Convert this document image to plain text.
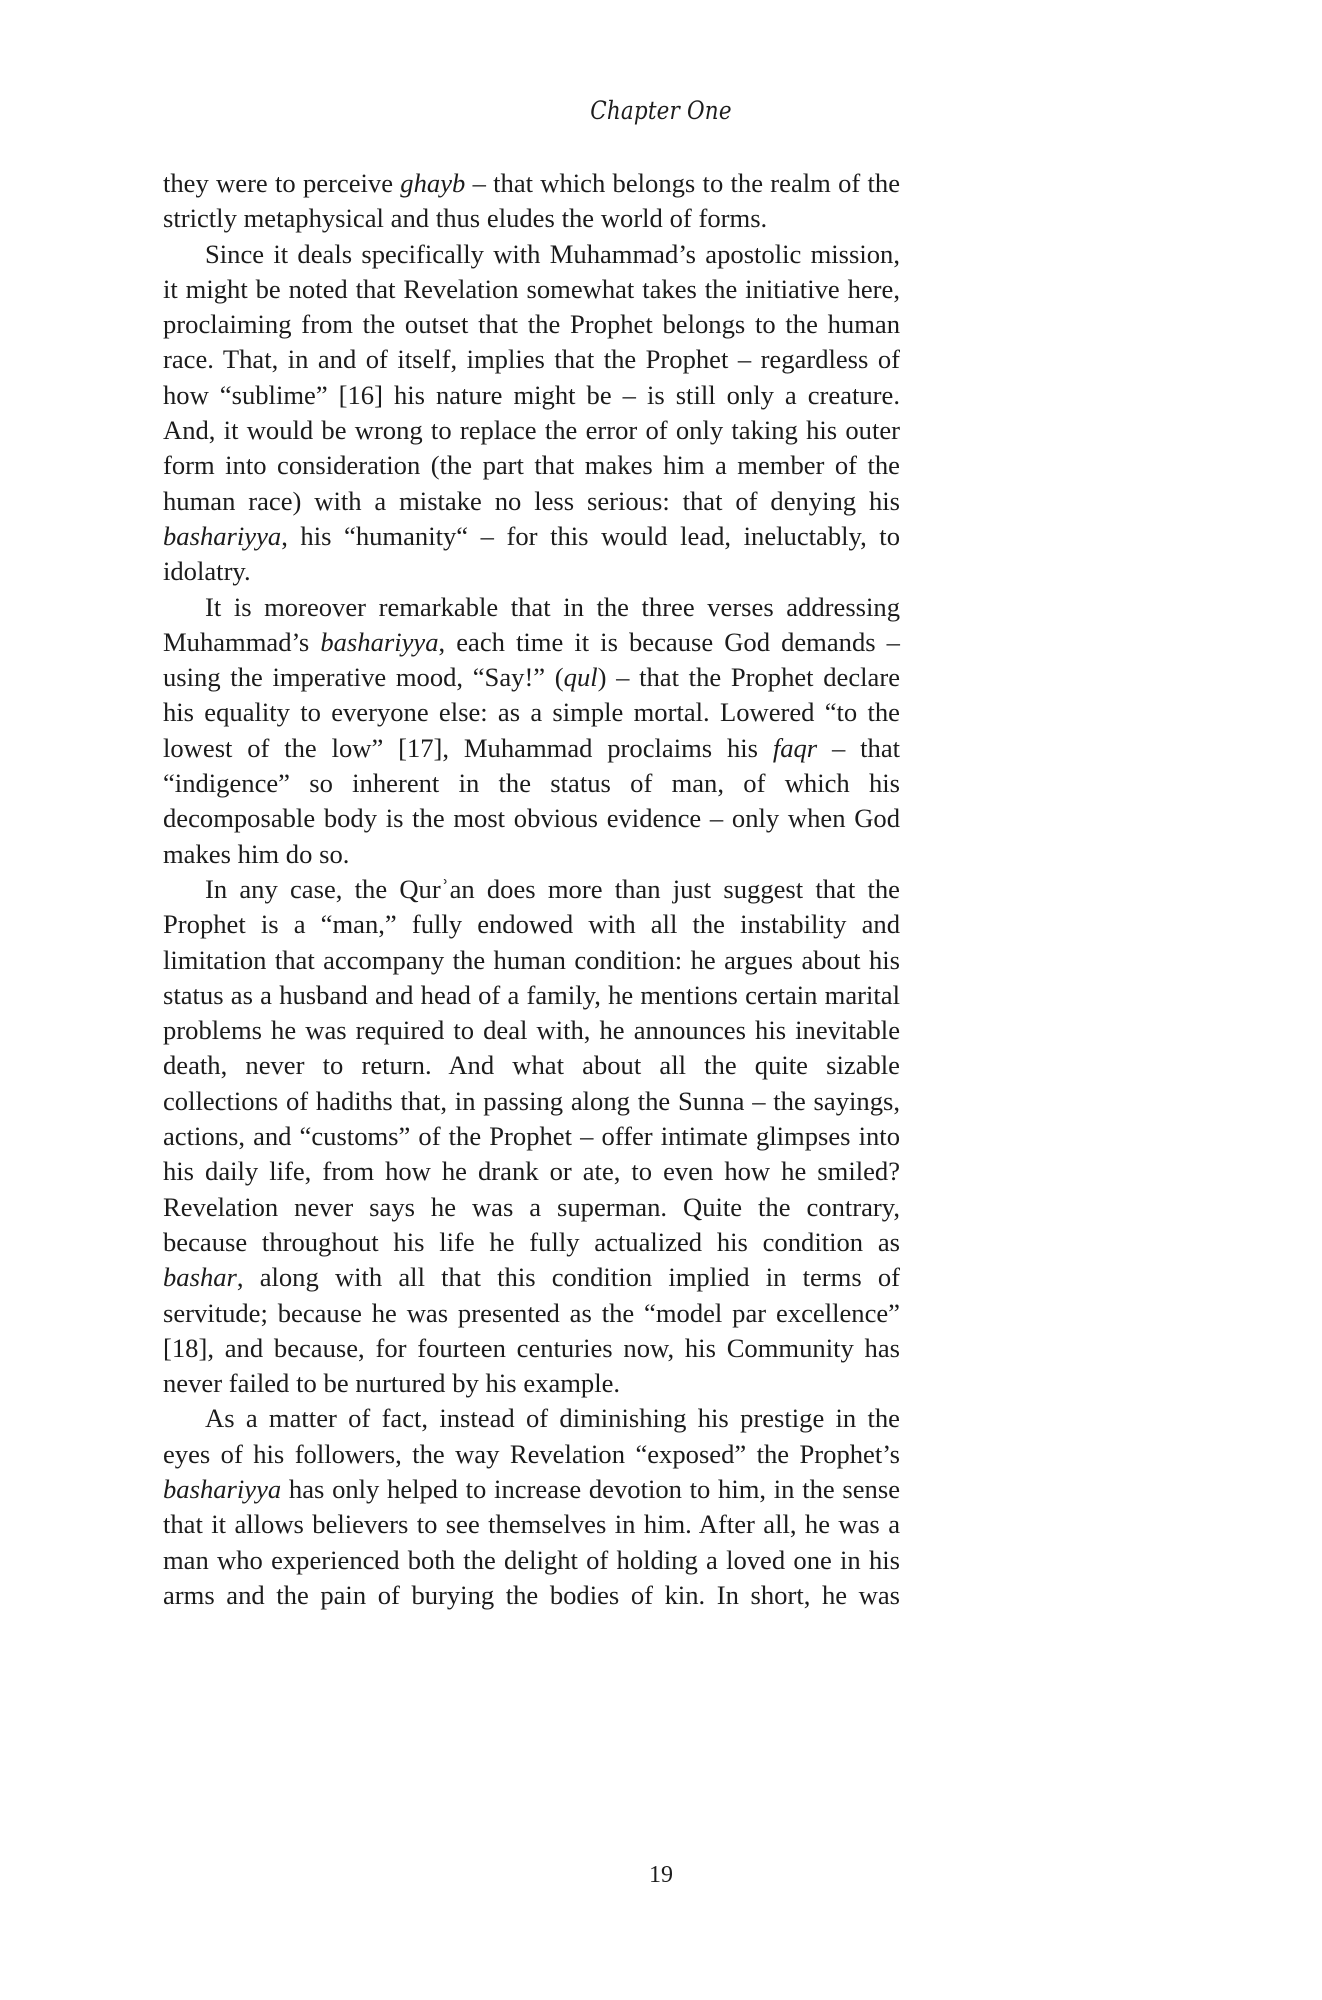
Chapter One

they were to perceive ghayb – that which belongs to the realm of the strictly metaphysical and thus eludes the world of forms.

Since it deals specifically with Muhammad’s apostolic mission, it might be noted that Revelation somewhat takes the initiative here, proclaiming from the outset that the Prophet belongs to the human race. That, in and of itself, implies that the Prophet – regardless of how “sublime” [16] his nature might be – is still only a creature. And, it would be wrong to replace the error of only taking his outer form into consideration (the part that makes him a member of the human race) with a mistake no less serious: that of denying his bashariyya, his “humanity“ – for this would lead, ineluctably, to idolatry.

It is moreover remarkable that in the three verses addressing Muhammad’s bashariyya, each time it is because God demands – using the imperative mood, “Say!” (qul) – that the Prophet declare his equality to everyone else: as a simple mortal. Lowered “to the lowest of the low” [17], Muhammad proclaims his faqr – that “indigence” so inherent in the status of man, of which his decomposable body is the most obvious evidence – only when God makes him do so.

In any case, the Qurʾan does more than just suggest that the Prophet is a “man,” fully endowed with all the instability and limitation that accompany the human condition: he argues about his status as a husband and head of a family, he mentions certain marital problems he was required to deal with, he announces his inevitable death, never to return. And what about all the quite sizable collections of hadiths that, in passing along the Sunna – the sayings, actions, and “customs” of the Prophet – offer intimate glimpses into his daily life, from how he drank or ate, to even how he smiled? Revelation never says he was a superman. Quite the contrary, because throughout his life he fully actualized his condition as bashar, along with all that this condition implied in terms of servitude; because he was presented as the “model par excellence” [18], and because, for fourteen centuries now, his Community has never failed to be nurtured by his example.

As a matter of fact, instead of diminishing his prestige in the eyes of his followers, the way Revelation “exposed” the Prophet’s bashariyya has only helped to increase devotion to him, in the sense that it allows believers to see themselves in him. After all, he was a man who experienced both the delight of holding a loved one in his arms and the pain of burying the bodies of kin. In short, he was

19
